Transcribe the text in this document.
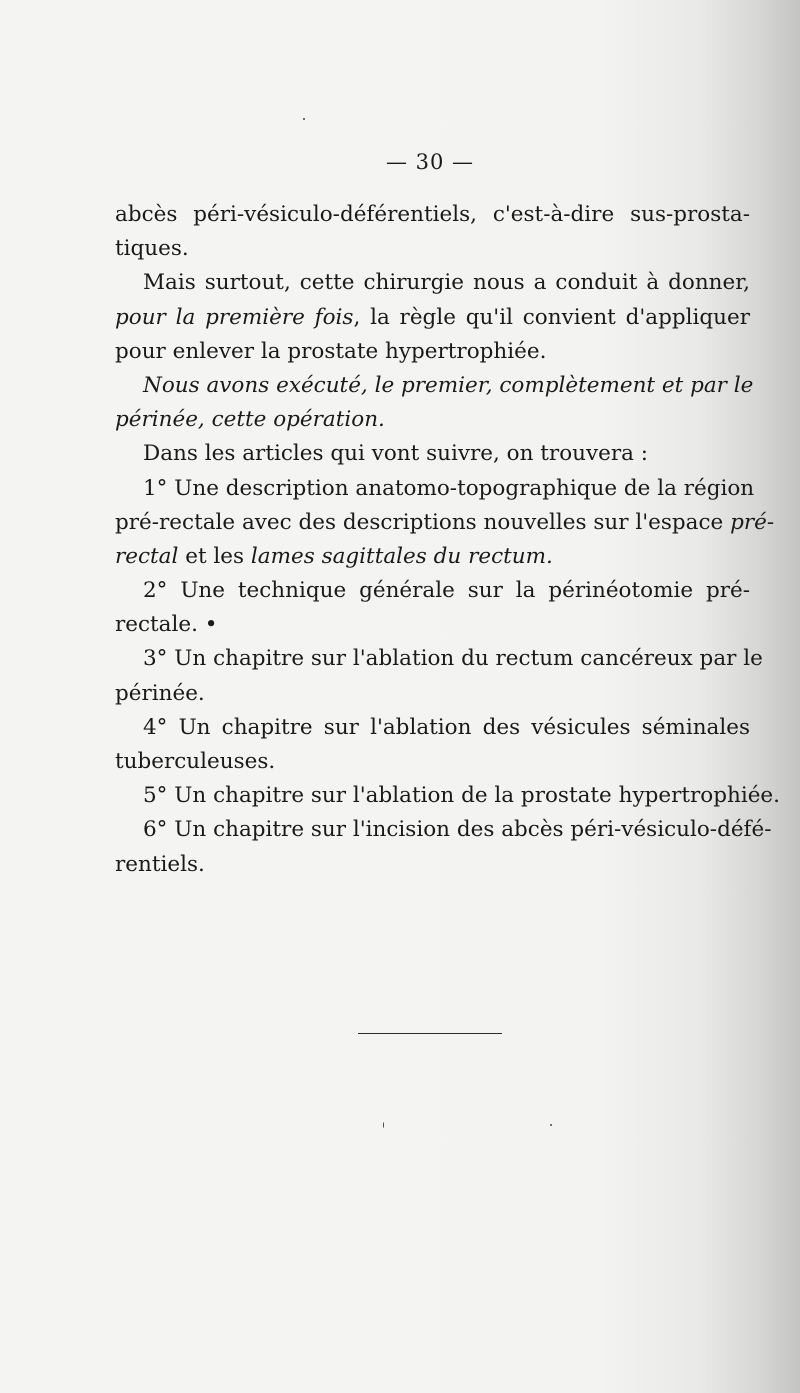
— 30 —
abcès péri-vésiculo-déférentiels, c'est-à-dire sus-prosta-
tiques.
Mais surtout, cette chirurgie nous a conduit à donner,
pour la première fois, la règle qu'il convient d'appliquer
pour enlever la prostate hypertrophiée.
Nous avons exécuté, le premier, complètement et par le
périnée, cette opération.
Dans les articles qui vont suivre, on trouvera :
1° Une description anatomo-topographique de la région
pré-rectale avec des descriptions nouvelles sur l'espace pré-
rectal et les lames sagittales du rectum.
2° Une technique générale sur la périnéotomie pré-
rectale. •
3° Un chapitre sur l'ablation du rectum cancéreux par le
périnée.
4° Un chapitre sur l'ablation des vésicules séminales
tuberculeuses.
5° Un chapitre sur l'ablation de la prostate hypertrophiée.
6° Un chapitre sur l'incision des abcès péri-vésiculo-défé-
rentiels.
